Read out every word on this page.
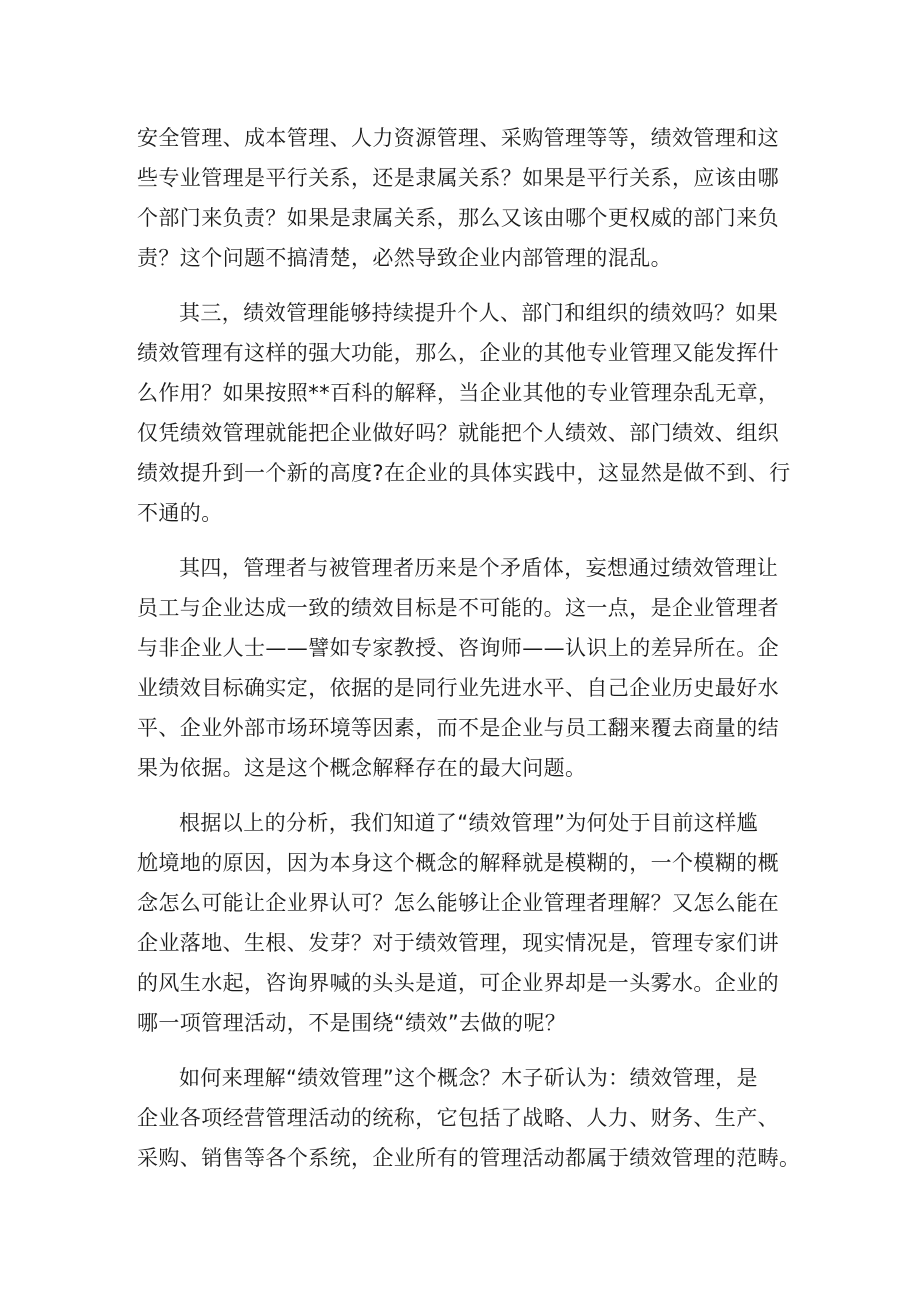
安全管理、成本管理、人力资源管理、采购管理等等，绩效管理和这
些专业管理是平行关系，还是隶属关系？如果是平行关系，应该由哪
个部门来负责？如果是隶属关系，那么又该由哪个更权威的部门来负
责？这个问题不搞清楚，必然导致企业内部管理的混乱。
其三，绩效管理能够持续提升个人、部门和组织的绩效吗？如果
绩效管理有这样的强大功能，那么，企业的其他专业管理又能发挥什
么作用？如果按照**百科的解释，当企业其他的专业管理杂乱无章，
仅凭绩效管理就能把企业做好吗？就能把个人绩效、部门绩效、组织
绩效提升到一个新的高度?在企业的具体实践中，这显然是做不到、行
不通的。
其四，管理者与被管理者历来是个矛盾体，妄想通过绩效管理让
员工与企业达成一致的绩效目标是不可能的。这一点，是企业管理者
与非企业人士——譬如专家教授、咨询师——认识上的差异所在。企
业绩效目标确实定，依据的是同行业先进水平、自己企业历史最好水
平、企业外部市场环境等因素，而不是企业与员工翻来覆去商量的结
果为依据。这是这个概念解释存在的最大问题。
根据以上的分析，我们知道了“绩效管理”为何处于目前这样尴
尬境地的原因，因为本身这个概念的解释就是模糊的，一个模糊的概
念怎么可能让企业界认可？怎么能够让企业管理者理解？又怎么能在
企业落地、生根、发芽？对于绩效管理，现实情况是，管理专家们讲
的风生水起，咨询界喊的头头是道，可企业界却是一头雾水。企业的
哪一项管理活动，不是围绕“绩效”去做的呢？
如何来理解“绩效管理”这个概念？木子斫认为：绩效管理，是
企业各项经营管理活动的统称，它包括了战略、人力、财务、生产、
采购、销售等各个系统，企业所有的管理活动都属于绩效管理的范畴。
